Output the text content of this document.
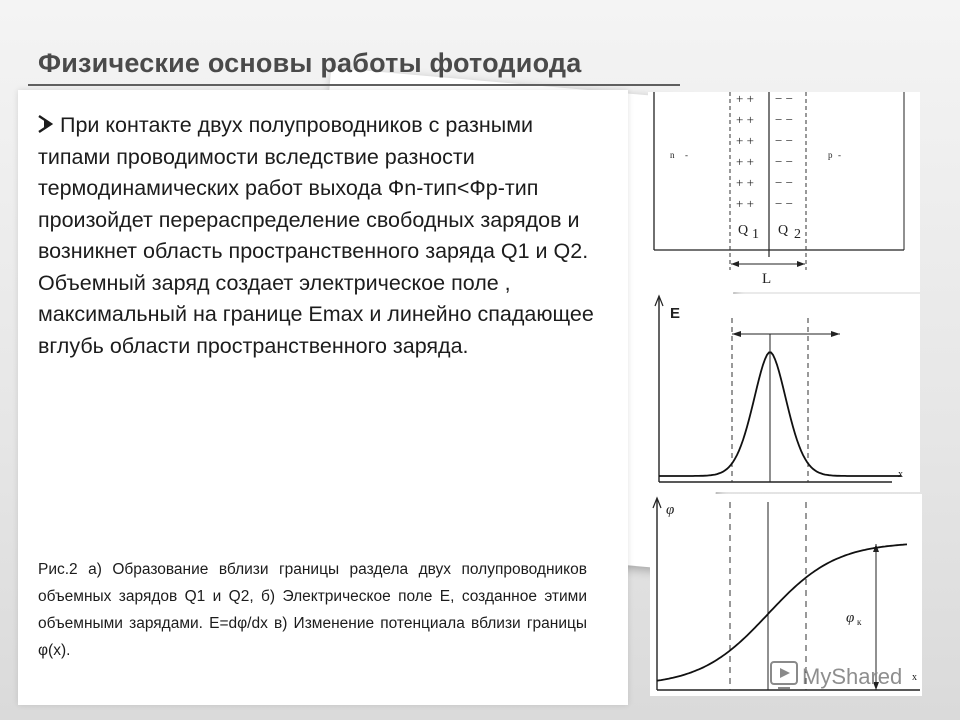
Физические основы работы фотодиода

При контакте двух полупроводников с разными типами проводимости вследствие разности термодинамических работ выхода Фn-тип<Фp-тип произойдет перераспределение свободных зарядов и возникнет область пространственного заряда Q1 и Q2. Объемный заряд создает электрическое поле , максимальный на границе Emax и линейно спадающее вглубь области пространственного заряда.

Рис.2 а) Образование вблизи границы раздела двух полупроводников объемных зарядов Q1 и Q2, б) Электрическое поле E, созданное этими объемными зарядами. E=dφ/dx в) Изменение потенциала вблизи границы φ(x).

n -	p -
+ +
+ +
+ +
+ +
+ +
+ +
− −
− −
− −
− −
− −
− −
Q 1 Q 2
L
x
E
φ
φ к
x
MyShared
